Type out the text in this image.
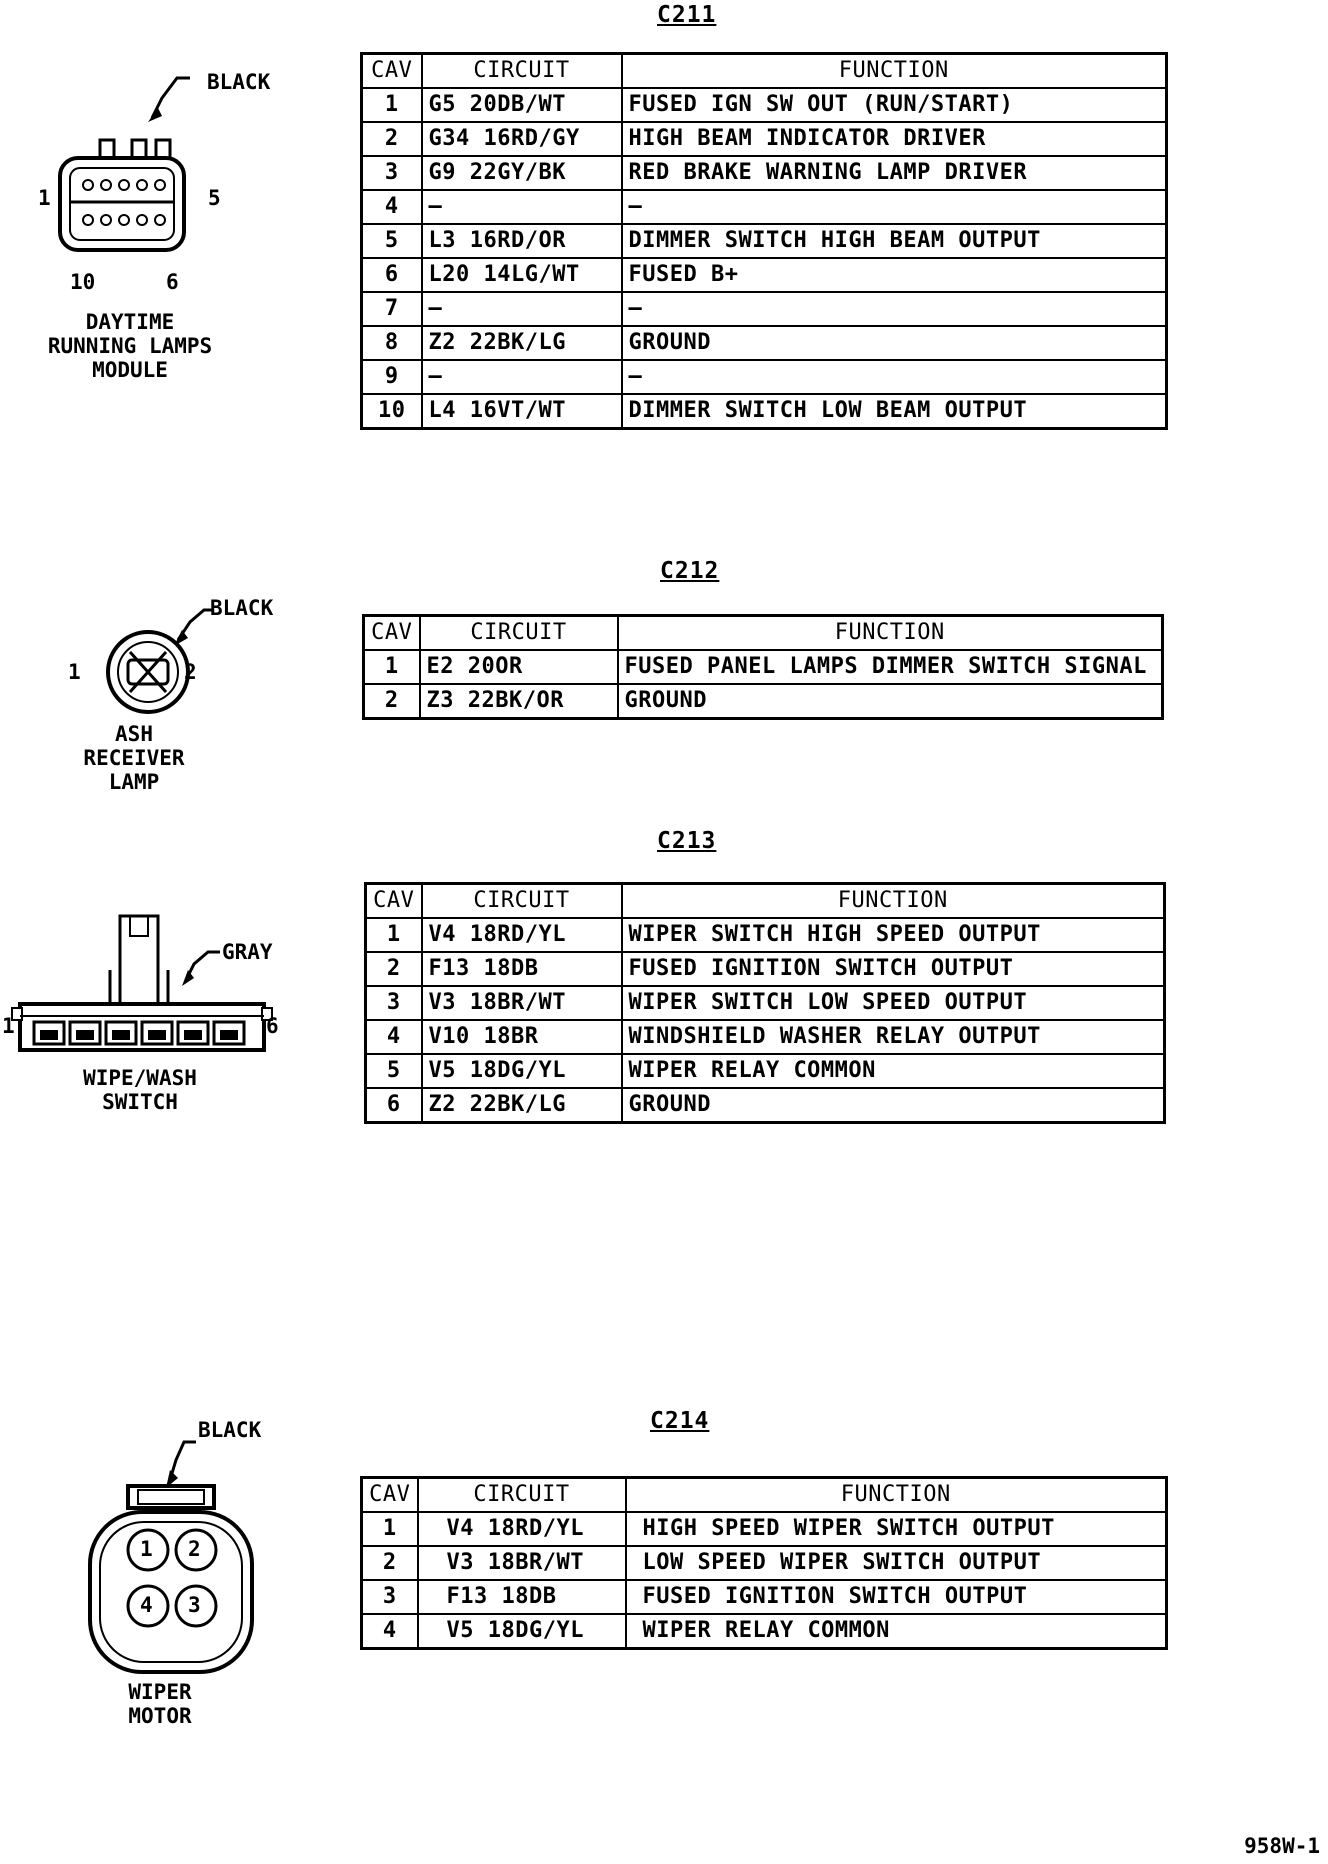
C211
BLACK
1	5
10	6
DAYTIME
RUNNING LAMPS
MODULE
CAV	CIRCUIT	FUNCTION
1	G5 20DB/WT	FUSED IGN SW OUT (RUN/START)
2	G34 16RD/GY	HIGH BEAM INDICATOR DRIVER
3	G9 22GY/BK	RED BRAKE WARNING LAMP DRIVER
4	—	—
5	L3 16RD/OR	DIMMER SWITCH HIGH BEAM OUTPUT
6	L20 14LG/WT	FUSED B+
7	—	—
8	Z2 22BK/LG	GROUND
9	—	—
10	L4 16VT/WT	DIMMER SWITCH LOW BEAM OUTPUT
C212
BLACK
1	2
ASH
RECEIVER
LAMP
CAV	CIRCUIT	FUNCTION
1	E2 20OR	FUSED PANEL LAMPS DIMMER SWITCH SIGNAL
2	Z3 22BK/OR	GROUND
C213
GRAY
1	6
WIPE/WASH
SWITCH
CAV	CIRCUIT	FUNCTION
1	V4 18RD/YL	WIPER SWITCH HIGH SPEED OUTPUT
2	F13 18DB	FUSED IGNITION SWITCH OUTPUT
3	V3 18BR/WT	WIPER SWITCH LOW SPEED OUTPUT
4	V10 18BR	WINDSHIELD WASHER RELAY OUTPUT
5	V5 18DG/YL	WIPER RELAY COMMON
6	Z2 22BK/LG	GROUND
C214
1 2
4 3
BLACK
WIPER
MOTOR
CAV	CIRCUIT	FUNCTION
1	V4 18RD/YL	HIGH SPEED WIPER SWITCH OUTPUT
2	V3 18BR/WT	LOW SPEED WIPER SWITCH OUTPUT
3	F13 18DB	FUSED IGNITION SWITCH OUTPUT
4	V5 18DG/YL	WIPER RELAY COMMON
958W-1
